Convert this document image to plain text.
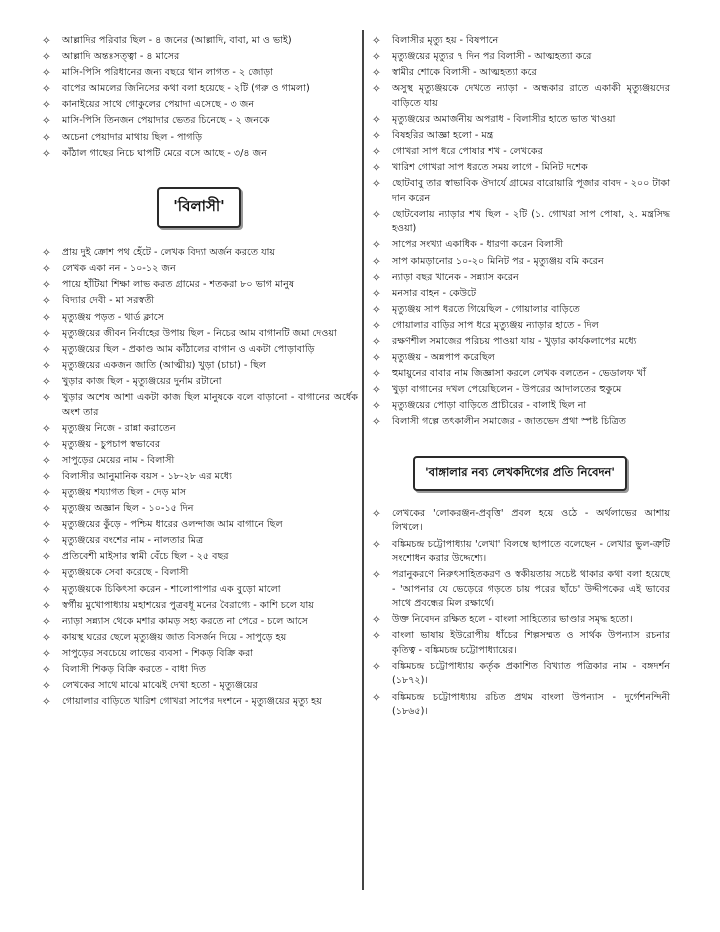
✧ আল্লাদির পরিবার ছিল - ৪ জনের (আল্লাদি, বাবা, মা ও ভাই)
✧ আল্লাদি অন্তঃসত্ত্বা - ৪ মাসের
✧ মাসি-পিসি পরিধানের জন্য বছরে থান লাগত - ২ জোড়া
✧ বাপের আমলের জিনিসের কথা বলা হয়েছে - ২টি (গরু ও গামলা)
✧ কানাইয়ের সাথে গোকুলের পেয়াদা এসেছে - ৩ জন
✧ মাসি-পিসি তিনজন পেয়াদার ভেতর চিনেছে - ২ জনকে
✧ অচেনা পেয়াদার মাথায় ছিল - পাগড়ি
✧ কাঁঠাল গাছের নিচে ঘাপটি মেরে বসে আছে - ৩/৪ জন
'বিলাসী'
✧ প্রায় দুই ক্রোশ পথ হেঁটে - লেখক বিদ্যা অর্জন করতে যায়
✧ লেখক একা নন - ১০-১২ জন
✧ পায়ে হাঁটিয়া শিক্ষা লাভ করত গ্রামের - শতকরা ৮০ ভাগ মানুষ
✧ বিদ্যার দেবী - মা সরস্বতী
✧ মৃত্যুঞ্জয় পড়ত - থার্ড ক্লাসে
✧ মৃত্যুঞ্জয়ের জীবন নির্বাহের উপায় ছিল - নিচের আম বাগানটি জমা দেওয়া
✧ মৃত্যুঞ্জয়ের ছিল - প্রকাণ্ড আম কাঁঠালের বাগান ও একটা পোড়াবাড়ি
✧ মৃত্যুঞ্জয়ের একজন জাতি (আত্মীয়) খুড়া (চাচা) - ছিল
✧ খুড়ার কাজ ছিল - মৃত্যুঞ্জয়ের দুর্নাম রটানো
✧ খুড়ার অশেষ আশা একটা কাজ ছিল মানুষকে বলে বাড়ানো - বাগানের অর্ধেক অংশ তার
✧ মৃত্যুঞ্জয় নিজে - রান্না করাতেন
✧ মৃত্যুঞ্জয় - চুপচাপ স্বভাবের
✧ সাপুড়ের মেয়ের নাম - বিলাসী
✧ বিলাসীর আনুমানিক বয়স - ১৮-২৮ এর মধ্যে
✧ মৃত্যুঞ্জয় শয্যাগত ছিল - দেড় মাস
✧ মৃত্যুঞ্জয় অজ্ঞান ছিল - ১০-১৫ দিন
✧ মৃত্যুঞ্জয়ের কুঁড়ে - পশ্চিম ধারের ওলন্দাজ আম বাগানে ছিল
✧ মৃত্যুঞ্জয়ের বংশের নাম - নালতার মিত্র
✧ প্রতিবেশী মাইসার স্বামী বেঁচে ছিল - ২৫ বছর
✧ মৃত্যুঞ্জয়কে সেবা করেছে - বিলাসী
✧ মৃত্যুঞ্জয়কে চিকিৎসা করেন - শালোপাপার এক বুড়ো মালো
✧ স্বর্গীয় মুখোপাধ্যায় মহাশয়ের পুত্রবধূ মনের বৈরাগ্যে - কাশি চলে যায়
✧ ন্যাড়া সন্ন্যাস থেকে মশার কামড় সহ্য করতে না পেরে - চলে আসে
✧ কায়স্থ ঘরের ছেলে মৃত্যুঞ্জয় জাত বিসর্জন দিয়ে - সাপুড়ে হয়
✧ সাপুড়ের সবচেয়ে লাভের ব্যবসা - শিকড় বিক্রি করা
✧ বিলাসী শিকড় বিক্রি করতে - বাধা দিত
✧ লেখকের সাথে মাঝে মাঝেই দেখা হতো - মৃত্যুঞ্জয়ের
✧ গোয়ালার বাড়িতে খারিশ গোখরা সাপের দংশনে - মৃত্যুঞ্জয়ের মৃত্যু হয়
✧ বিলাসীর মৃত্যু হয় - বিষপানে
✧ মৃত্যুঞ্জয়ের মৃত্যুর ৭ দিন পর বিলাসী - আত্মহত্যা করে
✧ স্বামীর শোকে বিলাসী - আত্মহত্যা করে
✧ অসুস্থ মৃত্যুঞ্জয়কে দেখতে ন্যাড়া - অন্ধকার রাতে একাকী মৃত্যুঞ্জয়দের বাড়িতে যায়
✧ মৃত্যুঞ্জয়ের অমার্জনীয় অপরাধ - বিলাসীর হাতে ভাত খাওয়া
✧ বিষহরির আজ্ঞা হলো - মন্ত্র
✧ গোখরা সাপ ধরে পোষার শখ - লেখকের
✧ খারিশ গোখরা সাপ ধরতে সময় লাগে - মিনিট দশেক
✧ ছোটবাবু তার স্বাভাবিক ঔদার্যে গ্রামের বারোয়ারি পূজার বাবদ - ২০০ টাকা দান করেন
✧ ছোটবেলায় ন্যাড়ার শখ ছিল - ২টি (১. গোখরা সাপ পোষা, ২. মন্ত্রসিদ্ধ হওয়া)
✧ সাপের সংখ্যা একাধিক - ধারণা করেন বিলাসী
✧ সাপ কামড়ানোর ১০-২০ মিনিট পর - মৃত্যুঞ্জয় বমি করেন
✧ ন্যাড়া বছর খানেক - সন্ন্যাস করেন
✧ মনসার বাহন - কেউটে
✧ মৃত্যুঞ্জয় সাপ ধরতে গিয়েছিল - গোয়ালার বাড়িতে
✧ গোয়ালার বাড়ির সাপ ধরে মৃত্যুঞ্জয় ন্যাড়ার হাতে - দিল
✧ রক্ষণশীল সমাজের পরিচয় পাওয়া যায় - খুড়ার কার্যকলাপের মধ্যে
✧ মৃত্যুঞ্জয় - অন্নপাপ করেছিল
✧ হুমায়ুনের বাবার নাম জিজ্ঞাসা করলে লেখক বলতেন - ভেডালফ খাঁ
✧ খুড়া বাগানের দখল পেয়েছিলেন - উপরের আদালতের হুকুমে
✧ মৃত্যুঞ্জয়ের পোড়া বাড়িতে প্রাচীরের - বালাই ছিল না
✧ বিলাসী গল্পে তৎকালীন সমাজের - জাতভেদ প্রথা স্পষ্ট চিত্রিত
'বাঙ্গালার নব্য লেখকদিগের প্রতি নিবেদন'
✧ লেখকের 'লোকরঞ্জন-প্রবৃত্তি' প্রবল হয়ে ওঠে - অর্থলাভের আশায় লিখলে।
✧ বঙ্কিমচন্দ্র চট্টোপাধ্যায় 'লেখা' বিলম্বে ছাপাতে বলেছেন - লেখার ভুল-ত্রুটি সংশোধন করার উদ্দেশ্যে।
✧ পরানুকরণে নিরুৎসাহিতকরণ ও স্বকীয়তায় সচেষ্ট থাকার কথা বলা হয়েছে - 'আপনার যে ভেড়েরে গড়তে চায় পরের ছাঁচে' উদ্দীপকের এই ভাবের সাথে প্রবন্ধের মিল রক্ষার্থে।
✧ উক্ত নিবেদন রক্ষিত হলে - বাংলা সাহিত্যের ভাণ্ডার সমৃদ্ধ হতো।
✧ বাংলা ভাষায় ইউরোপীয় ধাঁচের শিল্পসম্মত ও সার্থক উপন্যাস রচনার কৃতিত্ব - বঙ্কিমচন্দ্র চট্টোপাধ্যায়ের।
✧ বঙ্কিমচন্দ্র চট্টোপাধ্যায় কর্তৃক প্রকাশিত বিখ্যাত পত্রিকার নাম - বঙ্গদর্শন (১৮৭২)।
✧ বঙ্কিমচন্দ্র চট্টোপাধ্যায় রচিত প্রথম বাংলা উপন্যাস - দুর্গেশনন্দিনী (১৮৬৫)।
